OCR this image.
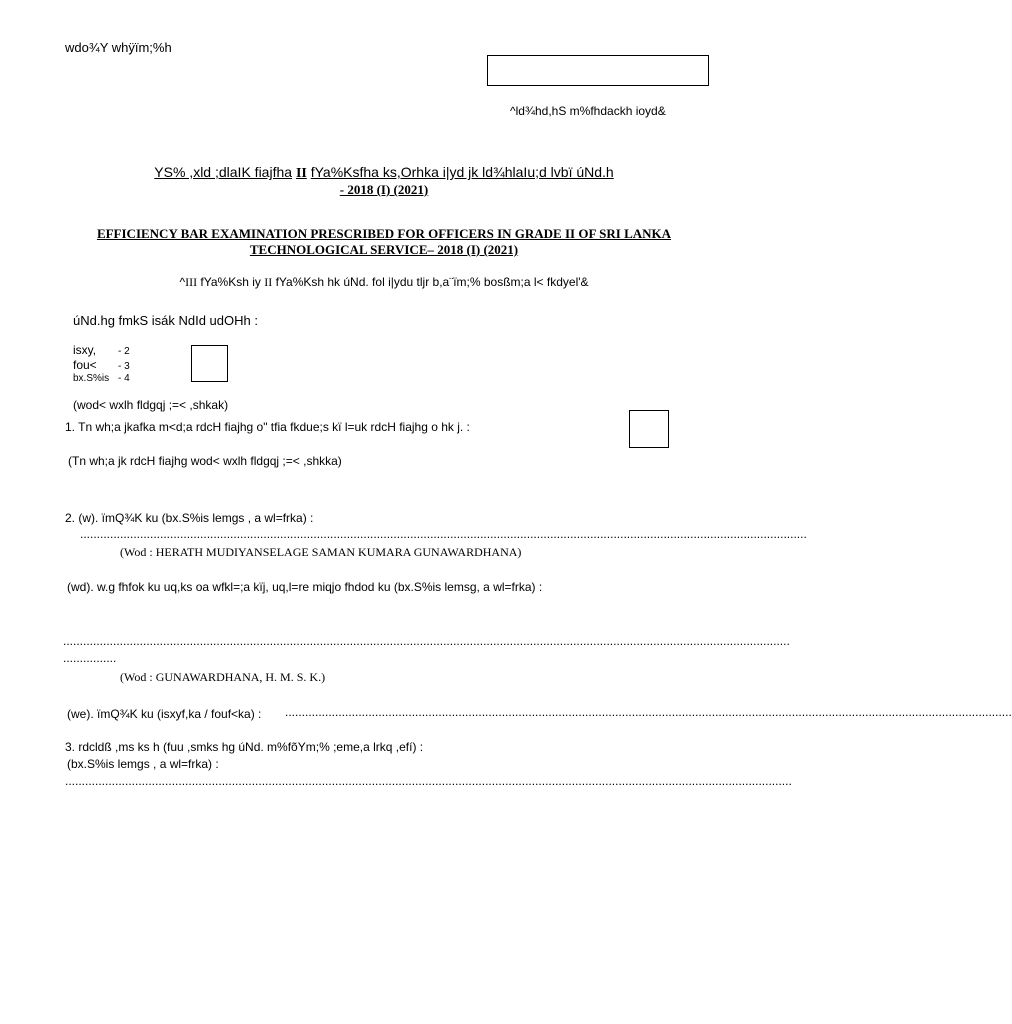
wdo¾Y whÿïm;%h
^ld¾hd,hS m%fhdackh ioyd&
YS% ,xld ;dlaIK fiajfha II fYa%Ksfha ks,Orhka i|yd jk ld¾hlaIu;d lvbï úNd.h
- 2018 (I) (2021)
EFFICIENCY BAR EXAMINATION PRESCRIBED FOR OFFICERS IN GRADE II OF SRI LANKA
TECHNOLOGICAL SERVICE– 2018 (I) (2021)
^III fYa%Ksh iy II fYa%Ksh hk úNd. fol i|ydu tljr b,a¨ïm;% bosßm;a l< fkdyel'&
úNd.hg fmkS isák NdId udOHh :
isxy, - 2
fou< - 3
bx.S%is - 4
(wod< wxlh fldgqj ;=< ,shkak)
1. Tn wh;a jkafka m<d;a rdcH fiajhg o" tfia fkdue;s kï l=uk rdcH fiajhg o hk j. :
(Tn wh;a jk rdcH fiajhg wod< wxlh fldgqj ;=< ,shkka)
2. (w). ïmQ¾K ku (bx.S%is lemgs , a wl=frka) :
..........................................................................................................................................................................................................................
(Wod : HERATH MUDIYANSELAGE SAMAN KUMARA GUNAWARDHANA)
(wd). w.g fhfok ku uq,ks oa wfkl=;a kïj, uq,l=re miqjo fhdod ku (bx.S%is lemsg, a wl=frka) :
..........................................................................................................................................................................................................................
................
(Wod : GUNAWARDHANA, H. M. S. K.)
(we). ïmQ¾K ku (isxyf,ka / fouf<ka) : ..........................................................................................................................................................................................................................
3. rdcldß ,ms ks h (fuu ,smks hg úNd. m%fõYm;% ;eme,a lrkq ,efí) :
(bx.S%is lemgs , a wl=frka) :
..........................................................................................................................................................................................................................
